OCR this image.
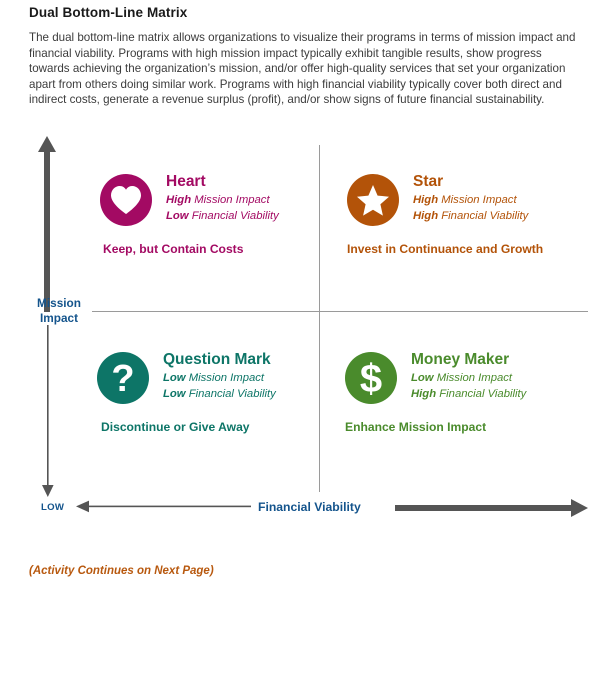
Dual Bottom-Line Matrix

The dual bottom-line matrix allows organizations to visualize their programs in terms of mission impact and financial viability. Programs with high mission impact typically exhibit tangible results, show progress towards achieving the organization’s mission, and/or offer high-quality services that set your organization apart from others doing similar work. Programs with high financial viability typically cover both direct and indirect costs, generate a revenue surplus (profit), and/or show signs of future financial sustainability.

Mission
Impact
Financial Viability
LOW
Heart
High Mission Impact
Low Financial Viability
Keep, but Contain Costs
Star
High Mission Impact
High Financial Viability
Invest in Continuance and Growth
? Question Mark
Low Mission Impact
Low Financial Viability
Discontinue or Give Away
$ Money Maker
Low Mission Impact
High Financial Viability
Enhance Mission Impact
(Activity Continues on Next Page)
